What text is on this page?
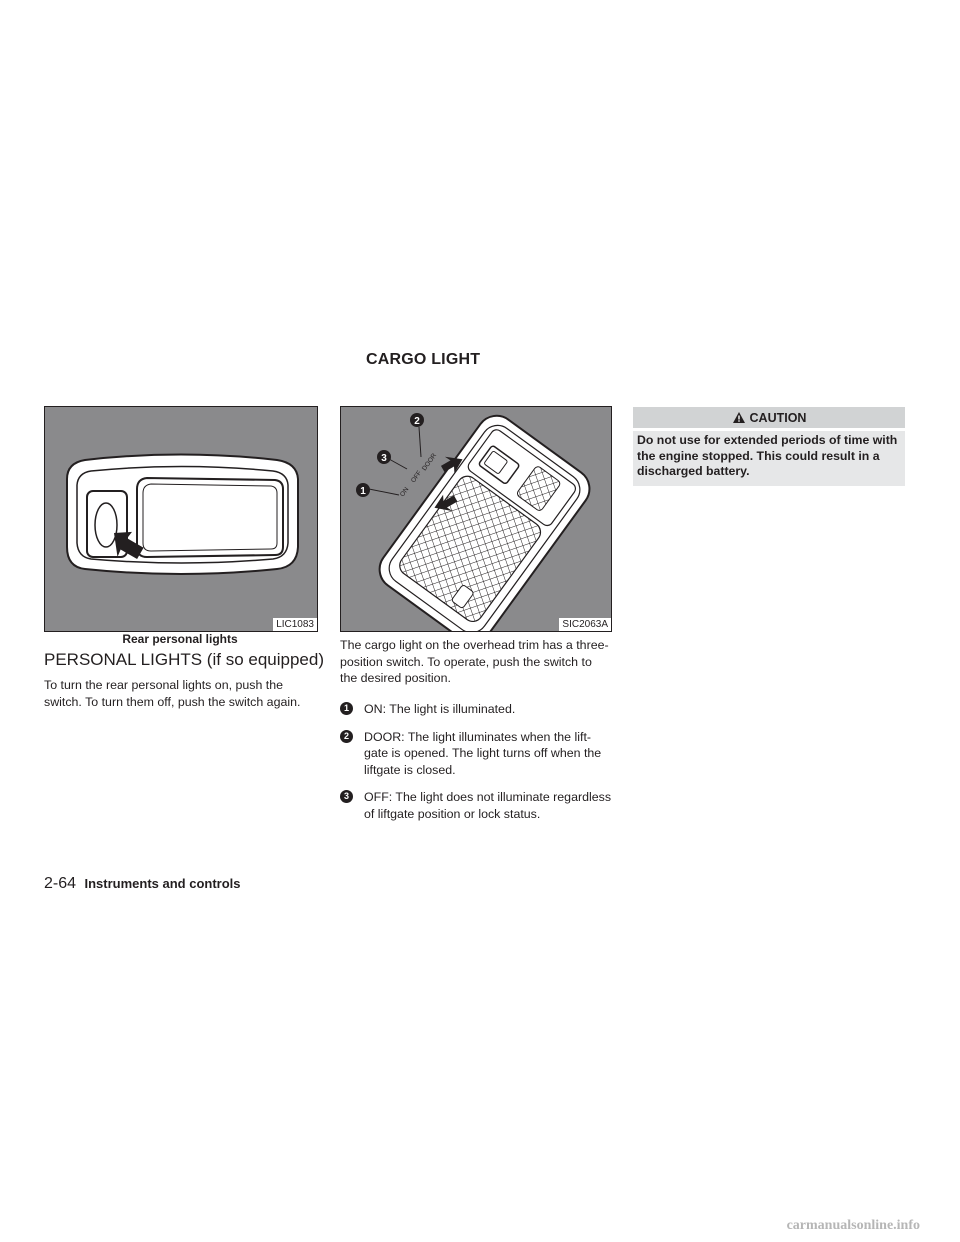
CARGO LIGHT
LIC1083
Rear personal lights
PERSONAL LIGHTS (if so equipped)

To turn the rear personal lights on, push the switch. To turn them off, push the switch again.

ON
OFF
DOOR
1
3
2
SIC2063A

The cargo light on the overhead trim has a three-position switch. To operate, push the switch to the desired position.

1	ON: The light is illuminated.
2	DOOR: The light illuminates when the lift-gate is opened. The light turns off when the liftgate is closed.
3	OFF: The light does not illuminate regardless of liftgate position or lock status.
CAUTION
Do not use for extended periods of time with the engine stopped. This could result in a discharged battery.
2-64 Instruments and controls
carmanualsonline.info
